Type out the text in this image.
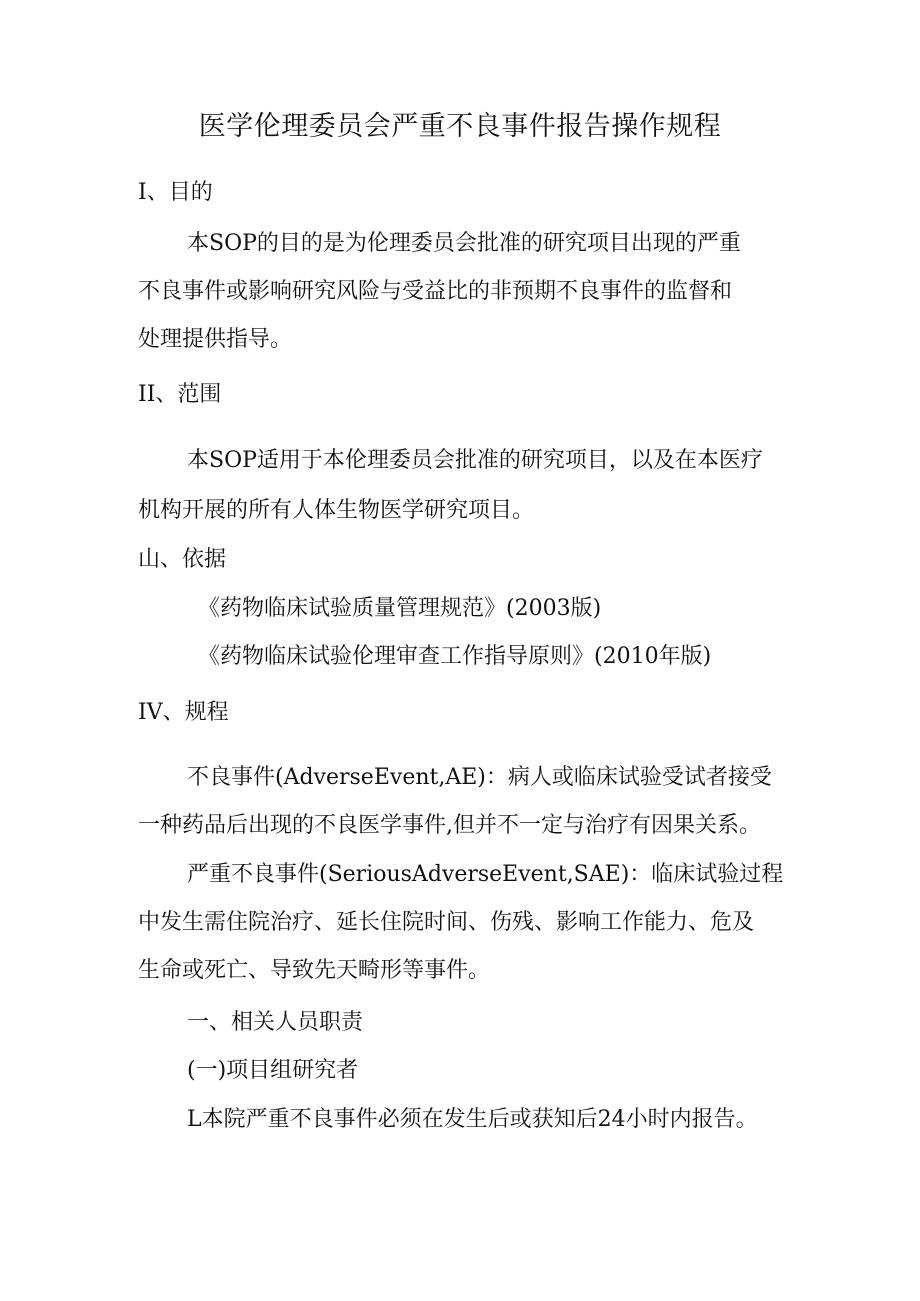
医学伦理委员会严重不良事件报告操作规程
I、目的
本SOP的目的是为伦理委员会批准的研究项目出现的严重
不良事件或影响研究风险与受益比的非预期不良事件的监督和
处理提供指导。
II、范围
本SOP适用于本伦理委员会批准的研究项目，以及在本医疗
机构开展的所有人体生物医学研究项目。
山、依据
《药物临床试验质量管理规范》(2003版)
《药物临床试验伦理审查工作指导原则》(2010年版)
IV、规程
不良事件(AdverseEvent,AE)：病人或临床试验受试者接受
一种药品后出现的不良医学事件,但并不一定与治疗有因果关系。
严重不良事件(SeriousAdverseEvent,SAE)：临床试验过程
中发生需住院治疗、延长住院时间、伤残、影响工作能力、危及
生命或死亡、导致先天畸形等事件。
一、相关人员职责
(一)项目组研究者
L本院严重不良事件必须在发生后或获知后24小时内报告。
